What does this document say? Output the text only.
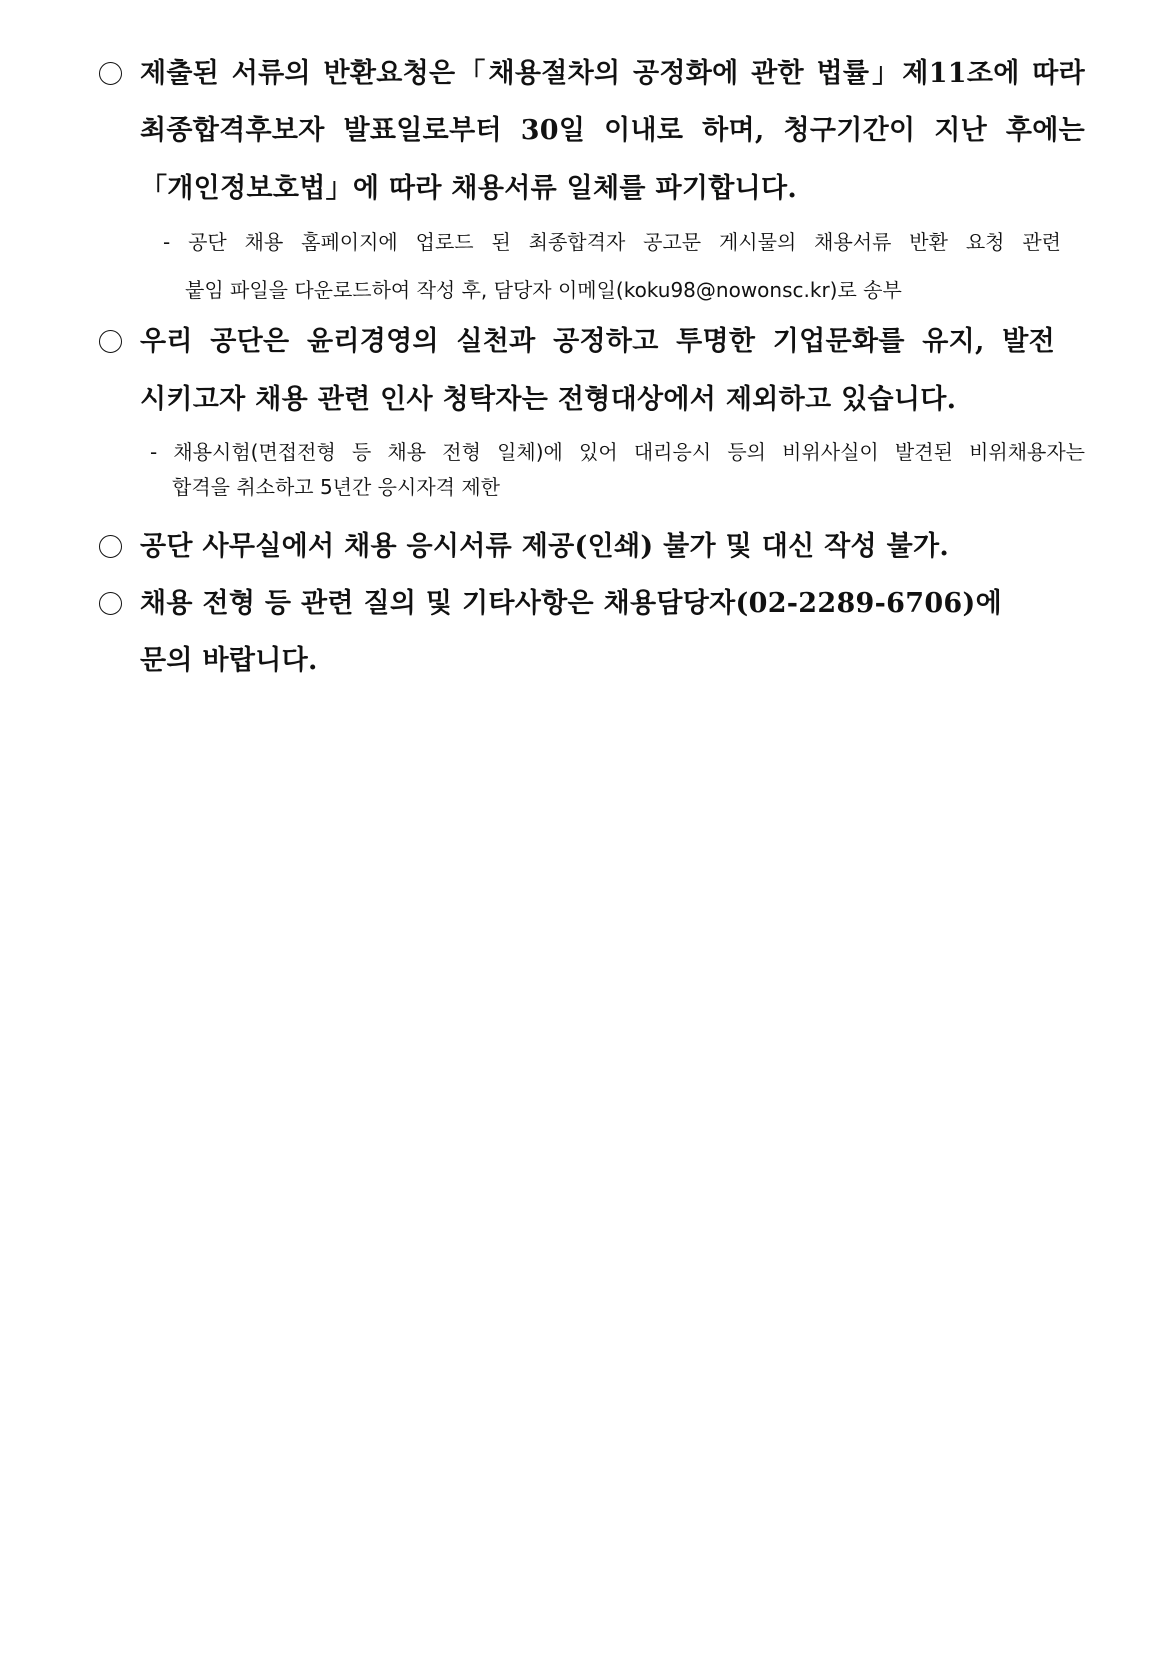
제출된 서류의 반환요청은「채용절차의 공정화에 관한 법률」제11조에 따라
최종합격후보자 발표일로부터 30일 이내로 하며, 청구기간이 지난 후에는
「개인정보호법」에 따라 채용서류 일체를 파기합니다.
- 공단 채용 홈페이지에 업로드 된 최종합격자 공고문 게시물의 채용서류 반환 요청 관련
붙임 파일을 다운로드하여 작성 후, 담당자 이메일(koku98@nowonsc.kr)로 송부
우리 공단은 윤리경영의 실천과 공정하고 투명한 기업문화를 유지, 발전
시키고자 채용 관련 인사 청탁자는 전형대상에서 제외하고 있습니다.
- 채용시험(면접전형 등 채용 전형 일체)에 있어 대리응시 등의 비위사실이 발견된 비위채용자는
합격을 취소하고 5년간 응시자격 제한
공단 사무실에서 채용 응시서류 제공(인쇄) 불가 및 대신 작성 불가.
채용 전형 등 관련 질의 및 기타사항은 채용담당자(02-2289-6706)에
문의 바랍니다.
